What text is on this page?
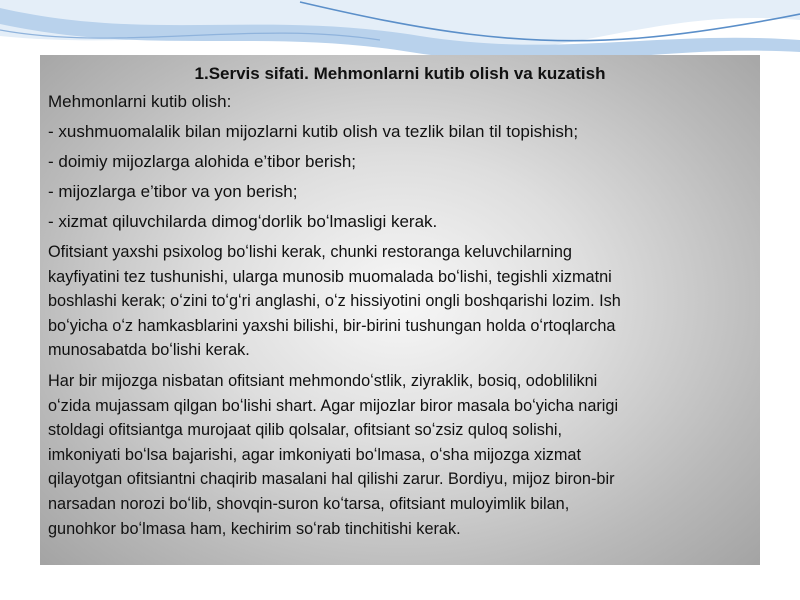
1.Servis sifati. Mehmonlarni kutib olish va kuzatish
Mehmonlarni kutib olish:
- xushmuomalalik bilan mijozlarni kutib olish va tezlik bilan til topishish;
- doimiy mijozlarga alohida e’tibor berish;
- mijozlarga e’tibor va yon berish;
- xizmat qiluvchilarda dimogʻdorlik boʻlmasligi kerak.
Ofitsiant yaxshi psixolog boʻlishi kerak, chunki restoranga keluvchilarning
kayfiyatini tez tushunishi, ularga munosib muomalada boʻlishi, tegishli xizmatni
boshlashi kerak; oʻzini toʻgʻri anglashi, oʻz hissiyotini ongli boshqarishi lozim. Ish
boʻyicha oʻz hamkasblarini yaxshi bilishi, bir-birini tushungan holda oʻrtoqlarcha
munosabatda boʻlishi kerak.
Har bir mijozga nisbatan ofitsiant mehmondoʻstlik, ziyraklik, bosiq, odoblilikni
oʻzida mujassam qilgan boʻlishi shart. Agar mijozlar biror masala boʻyicha narigi
stoldagi ofitsiantga murojaat qilib qolsalar, ofitsiant soʻzsiz quloq solishi,
imkoniyati boʻlsa bajarishi, agar imkoniyati boʻlmasa, oʻsha mijozga xizmat
qilayotgan ofitsiantni chaqirib masalani hal qilishi zarur. Bordiyu, mijoz biron-bir
narsadan norozi boʻlib, shovqin-suron koʻtarsa, ofitsiant muloyimlik bilan,
gunohkor boʻlmasa ham, kechirim soʻrab tinchitishi kerak.
